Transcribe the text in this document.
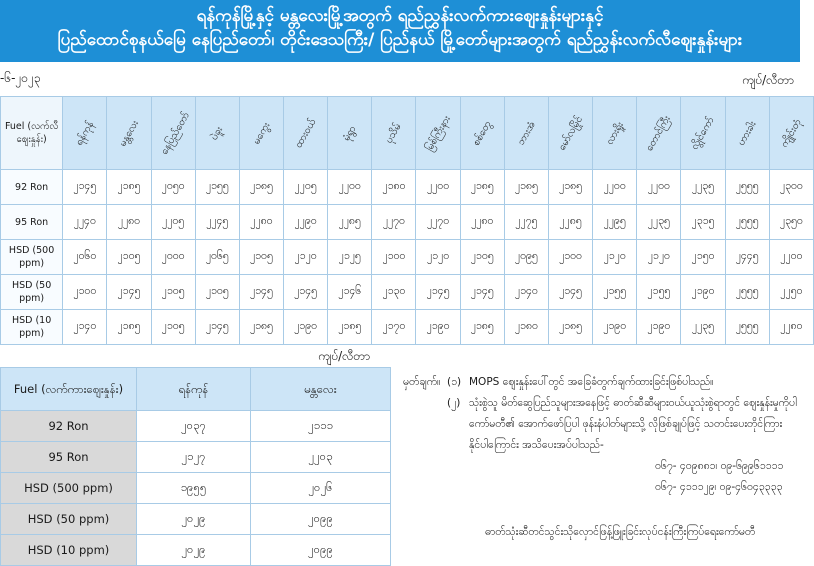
ရန်ကုန်မြို့နှင့် မန္တလေးမြို့အတွက် ရည်ညွှန်းလက်ကားဈေးနှုန်းများနှင့်
ပြည်ထောင်စုနယ်မြေ နေပြည်တော်၊ တိုင်းဒေသကြီး/ ပြည်နယ် မြို့တော်များအတွက် ရည်ညွှန်းလက်လီဈေးနှုန်းများ
-၆-၂၀၂၃	ကျပ်/လီတာ
Fuel (လက်လီဈေးနှုန်း)	ရန်ကုန်	မန္တလေး	နေပြည်တော်	ပဲခူး	မကွေး	ထားဝယ်	မုံရွာ	ပုသိမ်	မြစ်ကြီးနား	စစ်တွေ	ဘားအံ	မော်လမြိုင်	လားရှိုး	တောင်ကြီး	လွိုင်ကော်	ဟားခါး	ကျိုင်းတုံ
92 Ron	၂၁၄၅	၂၁၈၅	၂၀၅၀	၂၁၅၅	၂၁၈၅	၂၂၀၅	၂၂၀၀	၂၁၈၀	၂၂၀၀	၂၁၈၅	၂၁၈၅	၂၁၈၅	၂၂၀၀	၂၂၀၀	၂၂၃၅	၂၅၅၅	၂၃၀၀
95 Ron	၂၂၄၀	၂၂၈၀	၂၂၀၅	၂၂၄၅	၂၂၈၀	၂၂၉၀	၂၂၈၅	၂၂၇၀	၂၂၇၀	၂၂၈၀	၂၂၇၅	၂၂၈၅	၂၂၉၅	၂၂၃၅	၂၃၁၅	၂၅၅၅	၂၃၅၀
HSD (500 ppm)	၂၀၆၀	၂၁၀၅	၂၀၀၀	၂၀၆၅	၂၁၀၅	၂၁၂၀	၂၁၂၅	၂၁၀၀	၂၁၂၀	၂၁၀၅	၂၀၉၅	၂၁၀၀	၂၁၂၀	၂၁၂၀	၂၁၅၀	၂၄၄၅	၂၂၀၀
HSD (50 ppm)	၂၁၀၀	၂၁၄၅	၂၁၀၅	၂၁၀၅	၂၁၄၅	၂၁၄၅	၂၁၄၆	၂၁၃၀	၂၁၄၅	၂၁၄၅	၂၁၄၀	၂၁၄၅	၂၁၅၅	၂၁၅၅	၂၁၉၀	၂၅၅၅	၂၂၅၀
HSD (10 ppm)	၂၁၄၀	၂၁၈၅	၂၁၀၅	၂၁၄၅	၂၁၈၅	၂၁၉၀	၂၁၈၅	၂၁၇၀	၂၁၉၀	၂၁၈၅	၂၁၈၀	၂၁၈၅	၂၁၉၀	၂၁၉၀	၂၂၃၅	၂၅၅၅	၂၂၈၀
ကျပ်/လီတာ
Fuel (လက်ကားဈေးနှုန်း)	ရန်ကုန်	မန္တလေး
92 Ron	၂၀၃၇	၂၁၁၁
95 Ron	၂၁၂၇	၂၂၀၃
HSD (500 ppm)	၁၉၅၅	၂၀၂၆
HSD (50 ppm)	၂၀၂၉	၂၀၉၉
HSD (10 ppm)	၂၀၂၉	၂၀၉၉
မှတ်ချက်။ (၁) MOPS ဈေးနှုန်းပေါ်တွင် အခြေခံတွက်ချက်ထားခြင်းဖြစ်ပါသည်။
(၂) သုံးစွဲသူ မိတ်ဆွေပြည်သူများအနေဖြင့် ဓာတ်ဆီဆီများဝယ်ယူသုံးစွဲရာတွင် ဈေးနှုန်းမှုကိုပါ
ကော်မတီ၏ အောက်ဖော်ပြပါ ဖုန်းနံပါတ်များသို့ လိုဖြစ်ချုပ်ဖြင့် သတင်းပေးတိုင်ကြား
နိုင်ပါကြောင်း အသိပေးအပ်ပါသည်-
၀၆၇- ၄၀၉၈၈၁၊ ၀၉-၆၉၉၆၁၁၁၁
၀၆၇- ၄၁၁၁၂၉၊ ၀၉-၄၆၀၄၃၃၃၃
ဓာတ်သုံးဆီတင်သွင်းသိုလှောင်ဖြန့်ဖြူးခြင်းလုပ်ငန်းကြီးကြပ်ရေးကော်မတီ
